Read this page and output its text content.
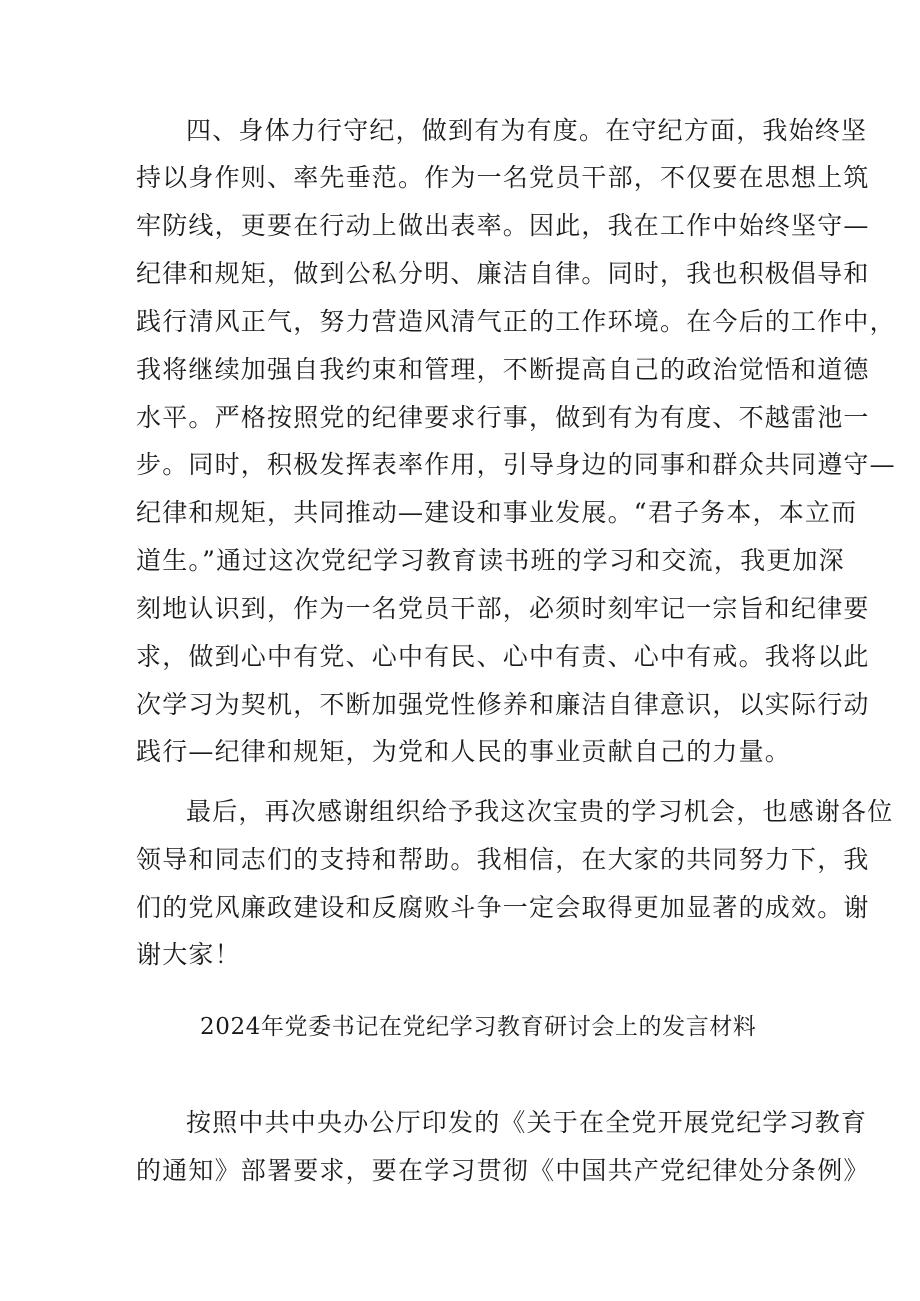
四、身体力行守纪，做到有为有度。在守纪方面，我始终坚
持以身作则、率先垂范。作为一名党员干部，不仅要在思想上筑
牢防线，更要在行动上做出表率。因此，我在工作中始终坚守—
纪律和规矩，做到公私分明、廉洁自律。同时，我也积极倡导和
践行清风正气，努力营造风清气正的工作环境。在今后的工作中，
我将继续加强自我约束和管理，不断提高自己的政治觉悟和道德
水平。严格按照党的纪律要求行事，做到有为有度、不越雷池一
步。同时，积极发挥表率作用，引导身边的同事和群众共同遵守—
纪律和规矩，共同推动—建设和事业发展。“君子务本，本立而
道生。”通过这次党纪学习教育读书班的学习和交流，我更加深
刻地认识到，作为一名党员干部，必须时刻牢记一宗旨和纪律要
求，做到心中有党、心中有民、心中有责、心中有戒。我将以此
次学习为契机，不断加强党性修养和廉洁自律意识，以实际行动
践行—纪律和规矩，为党和人民的事业贡献自己的力量。
最后，再次感谢组织给予我这次宝贵的学习机会，也感谢各位
领导和同志们的支持和帮助。我相信，在大家的共同努力下，我
们的党风廉政建设和反腐败斗争一定会取得更加显著的成效。谢
谢大家！
2024年党委书记在党纪学习教育研讨会上的发言材料
按照中共中央办公厅印发的《关于在全党开展党纪学习教育
的通知》部署要求，要在学习贯彻《中国共产党纪律处分条例》
